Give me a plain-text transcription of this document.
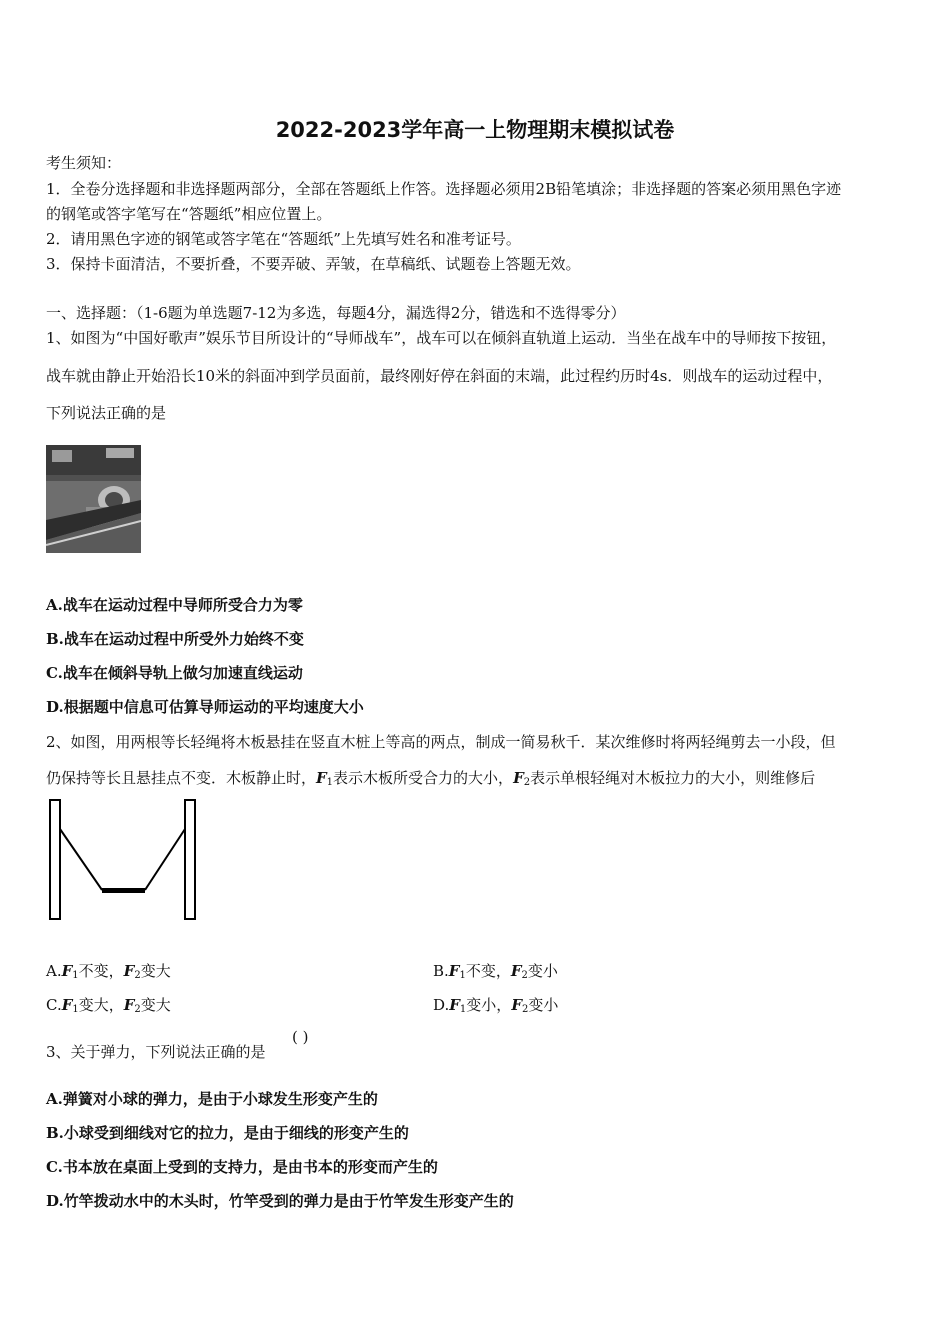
2022-2023学年高一上物理期末模拟试卷
考生须知：
1．全卷分选择题和非选择题两部分，全部在答题纸上作答。选择题必须用2B铅笔填涂；非选择题的答案必须用黑色字迹
的钢笔或答字笔写在“答题纸”相应位置上。
2．请用黑色字迹的钢笔或答字笔在“答题纸”上先填写姓名和准考证号。
3．保持卡面清洁，不要折叠，不要弄破、弄皱，在草稿纸、试题卷上答题无效。
一、选择题：（1-6题为单选题7-12为多选，每题4分，漏选得2分，错选和不选得零分）
1、如图为“中国好歌声”娱乐节目所设计的“导师战车”，战车可以在倾斜直轨道上运动．当坐在战车中的导师按下按钮，
战车就由静止开始沿长10米的斜面冲到学员面前，最终刚好停在斜面的末端，此过程约历时4s．则战车的运动过程中，
下列说法正确的是
A.战车在运动过程中导师所受合力为零
B.战车在运动过程中所受外力始终不变
C.战车在倾斜导轨上做匀加速直线运动
D.根据题中信息可估算导师运动的平均速度大小
2、如图，用两根等长轻绳将木板悬挂在竖直木桩上等高的两点，制成一简易秋千．某次维修时将两轻绳剪去一小段，但
仍保持等长且悬挂点不变．木板静止时，$F_1$表示木板所受合力的大小，$F_2$表示单根轻绳对木板拉力的大小，则维修后
$A.F_1$不变，$F_2$变大	$B.F_1$不变，$F_2$变小
$C.F_1$变大，$F_2$变大	$D.F_1$变小，$F_2$变小
3、关于弹力，下列说法正确的是
( )
A.弹簧对小球的弹力，是由于小球发生形变产生的
B.小球受到细线对它的拉力，是由于细线的形变产生的
C.书本放在桌面上受到的支持力，是由书本的形变而产生的
D.竹竿拨动水中的木头时，竹竿受到的弹力是由于竹竿发生形变产生的
